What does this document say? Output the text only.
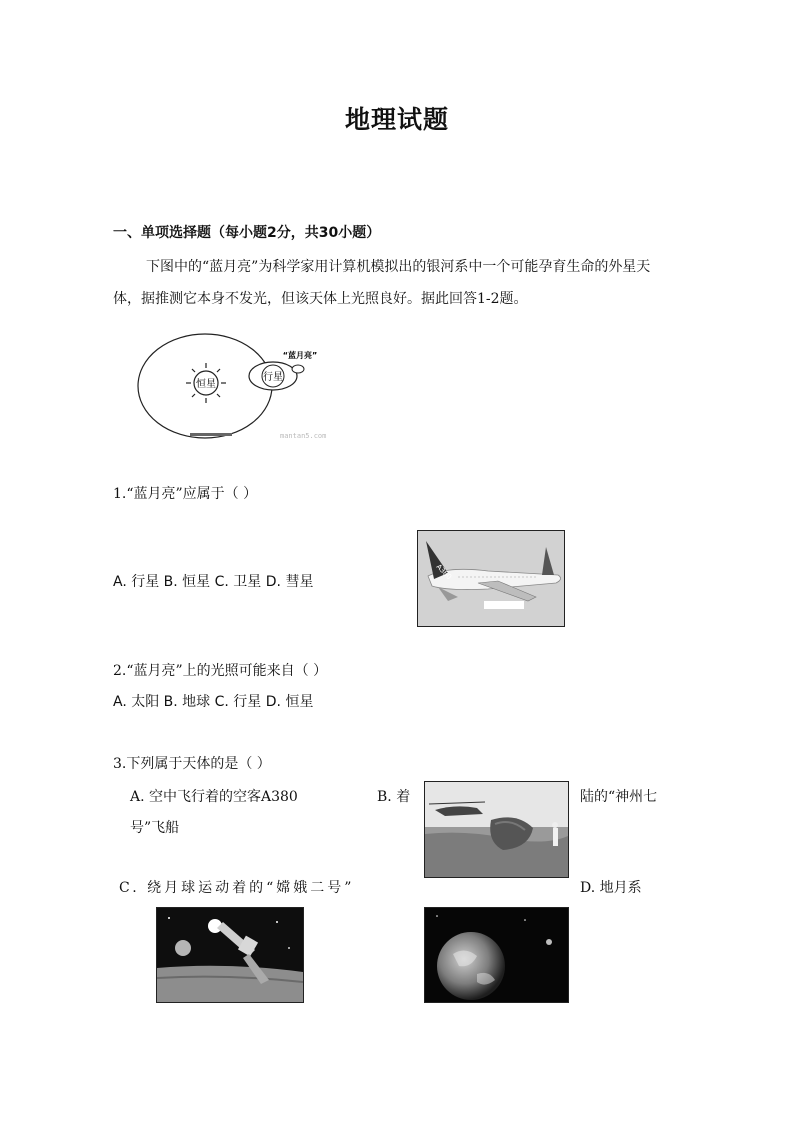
地理试题
一、单项选择题（每小题2分，共30小题）
下图中的“蓝月亮”为科学家用计算机模拟出的银河系中一个可能孕育生命的外星天
体，据推测它本身不发光，但该天体上光照良好。据此回答1-2题。
恒星
行星
“蓝月亮”
mantan5.com
1.“蓝月亮”应属于（ ）
A. 行星 B. 恒星 C. 卫星 D. 彗星
A380
2.“蓝月亮”上的光照可能来自（ ）
A. 太阳 B. 地球 C. 行星 D. 恒星
3.下列属于天体的是（ ）
A. 空中飞行着的空客A380	B. 着	陆的“神州七
号”飞船
C. 绕月球运动着的“嫦娥二号”	D. 地月系
